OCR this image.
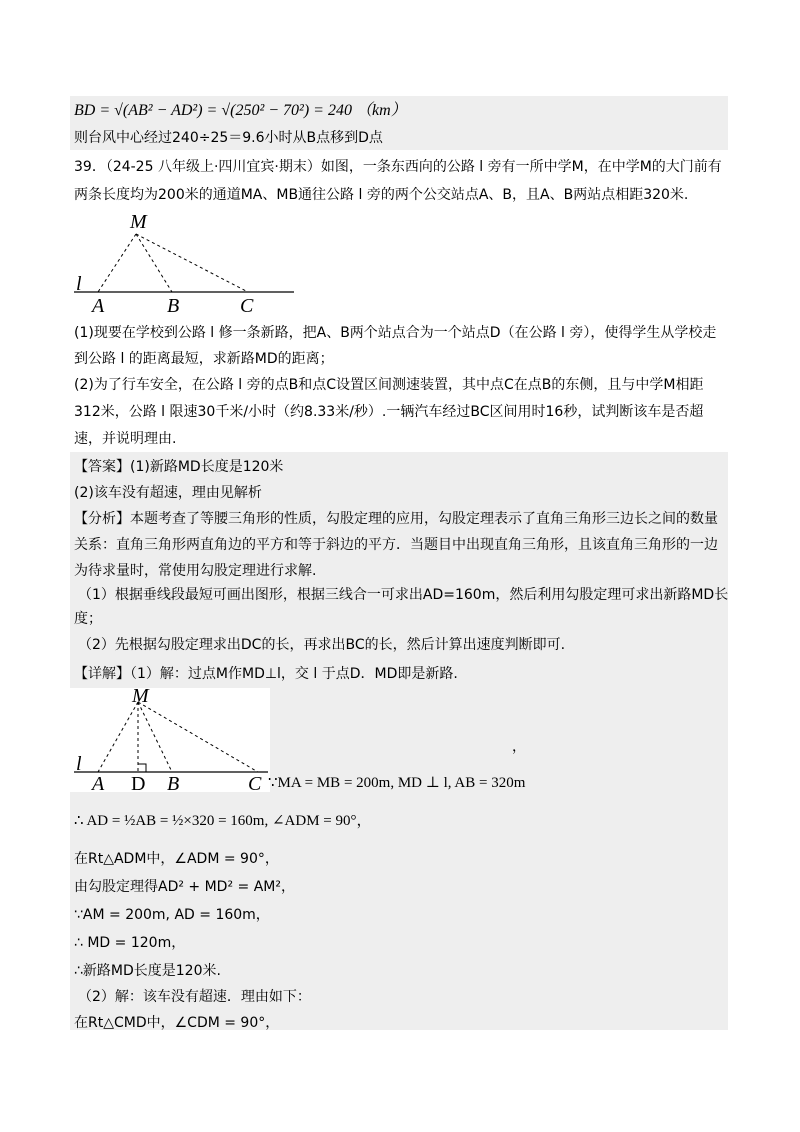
BD = √(AB² − AD²) = √(250² − 70²) = 240 （km）
则台风中心经过240÷25＝9.6小时从B点移到D点
39．（24-25 八年级上·四川宜宾·期末）如图，一条东西向的公路 l 旁有一所中学M，在中学M的大门前有
两条长度均为200米的通道MA、MB通往公路 l 旁的两个公交站点A、B，且A、B两站点相距320米.
M
l
A	B	C
(1)现要在学校到公路 l 修一条新路，把A、B两个站点合为一个站点D（在公路 l 旁），使得学生从学校走
到公路 l 的距离最短，求新路MD的距离；
(2)为了行车安全，在公路 l 旁的点B和点C设置区间测速装置，其中点C在点B的东侧，且与中学M相距
312米，公路 l 限速30千米/小时（约8.33米/秒）.一辆汽车经过BC区间用时16秒，试判断该车是否超
速，并说明理由.
【答案】(1)新路MD长度是120米
(2)该车没有超速，理由见解析
【分析】本题考查了等腰三角形的性质，勾股定理的应用，勾股定理表示了直角三角形三边长之间的数量
关系：直角三角形两直角边的平方和等于斜边的平方．当题目中出现直角三角形，且该直角三角形的一边
为待求量时，常使用勾股定理进行求解.
（1）根据垂线段最短可画出图形，根据三线合一可求出AD=160m，然后利用勾股定理可求出新路MD长
度；
（2）先根据勾股定理求出DC的长，再求出BC的长，然后计算出速度判断即可.
【详解】（1）解：过点M作MD⊥l，交 l 于点D．MD即是新路.
M
l
A D B	C
，
∵MA = MB = 200m, MD ⊥ l, AB = 320m
∴ AD = ½AB = ½×320 = 160m, ∠ADM = 90°，
在Rt△ADM中，∠ADM = 90°，
由勾股定理得AD² + MD² = AM²，
∵AM = 200m, AD = 160m，
∴ MD = 120m，
∴新路MD长度是120米.
（2）解：该车没有超速．理由如下：
在Rt△CMD中，∠CDM = 90°，
